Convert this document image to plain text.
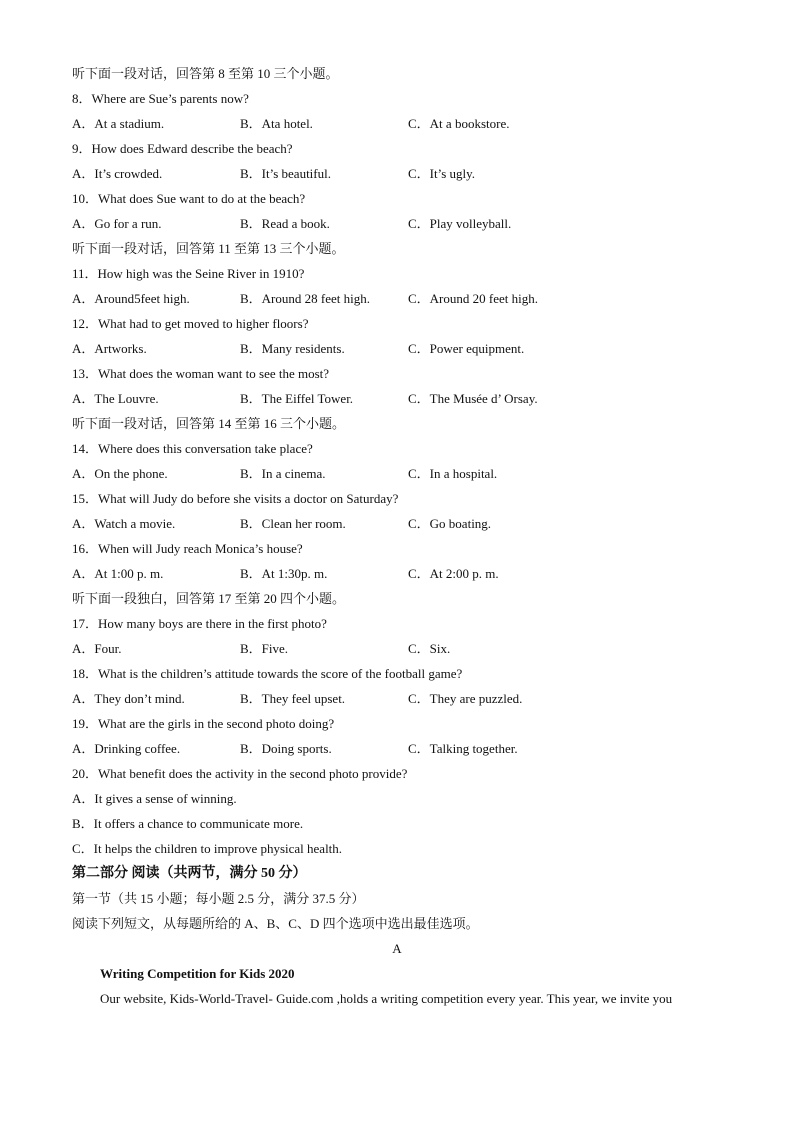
听下面一段对话，回答第 8 至第 10 三个小题。
8．Where are Sue’s parents now?
A．At a stadium.	B．Ata hotel.	C．At a bookstore.
9．How does Edward describe the beach?
A．It’s crowded.	B．It’s beautiful.	C．It’s ugly.
10．What does Sue want to do at the beach?
A．Go for a run.	B．Read a book.	C．Play volleyball.
听下面一段对话，回答第 11 至第 13 三个小题。
11．How high was the Seine River in 1910?
A．Around5feet high.	B．Around 28 feet high.	C．Around 20 feet high.
12．What had to get moved to higher floors?
A．Artworks.	B．Many residents.	C．Power equipment.
13．What does the woman want to see the most?
A．The Louvre.	B．The Eiffel Tower.	C．The Musée d’ Orsay.
听下面一段对话，回答第 14 至第 16 三个小题。
14．Where does this conversation take place?
A．On the phone.	B．In a cinema.	C．In a hospital.
15．What will Judy do before she visits a doctor on Saturday?
A．Watch a movie.	B．Clean her room.	C．Go boating.
16．When will Judy reach Monica’s house?
A．At 1:00 p. m.	B．At 1:30p. m.	C．At 2:00 p. m.
听下面一段独白，回答第 17 至第 20 四个小题。
17．How many boys are there in the first photo?
A．Four.	B．Five.	C．Six.
18．What is the children’s attitude towards the score of the football game?
A．They don’t mind.	B．They feel upset.	C．They are puzzled.
19．What are the girls in the second photo doing?
A．Drinking coffee.	B．Doing sports.	C．Talking together.
20．What benefit does the activity in the second photo provide?
A．It gives a sense of winning.
B．It offers a chance to communicate more.
C．It helps the children to improve physical health.
第二部分 阅读（共两节，满分 50 分）
第一节（共 15 小题；每小题 2.5 分，满分 37.5 分）
阅读下列短文，从每题所给的 A、B、C、D 四个选项中选出最佳选项。
A
Writing Competition for Kids 2020
Our website, Kids-World-Travel- Guide.com ,holds a writing competition every year. This year, we invite you
